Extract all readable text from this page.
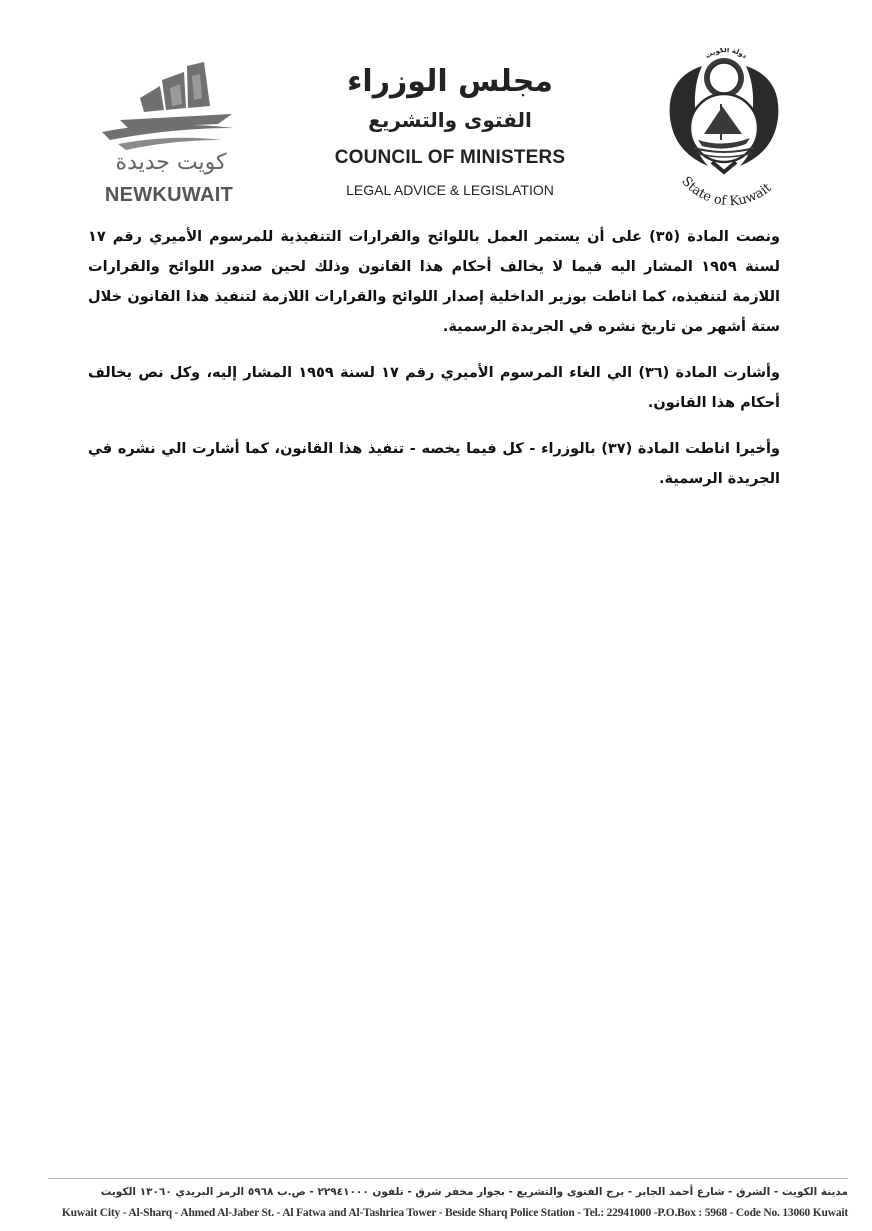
كويت جديدة
NEWKUWAIT
مجلس الوزراء
الفتوى والتشريع
COUNCIL OF MINISTERS
LEGAL ADVICE & LEGISLATION
دولة الكويت
State of Kuwait

ونصت المادة (٣٥) على أن يستمر العمل باللوائح والقرارات التنفيذية للمرسوم الأميري رقم ١٧ لسنة ١٩٥٩ المشار اليه فيما لا يخالف أحكام هذا القانون وذلك لحين صدور اللوائح والقرارات اللازمة لتنفيذه، كما اناطت بوزير الداخلية إصدار اللوائح والقرارات اللازمة لتنفيذ هذا القانون خلال ستة أشهر من تاريخ نشره في الجريدة الرسمية.

وأشارت المادة (٣٦) الي الغاء المرسوم الأميري رقم ١٧ لسنة ١٩٥٩ المشار إليه، وكل نص يخالف أحكام هذا القانون.

وأخيرا اناطت المادة (٣٧) بالوزراء - كل فيما يخصه - تنفيذ هذا القانون، كما أشارت الي نشره في الجريدة الرسمية.

مدينة الكويت - الشرق - شارع أحمد الجابر - برج الفتوى والتشريع - بجوار مخفر شرق - تلفون ٢٢٩٤١٠٠٠ - ص.ب ٥٩٦٨ الرمز البريدي ١٣٠٦٠ الكويت
Kuwait City - Al-Sharq - Ahmed Al-Jaber St. - Al Fatwa and Al-Tashriea Tower - Beside Sharq Police Station - Tel.: 22941000 -P.O.Box : 5968 - Code No. 13060 Kuwait
